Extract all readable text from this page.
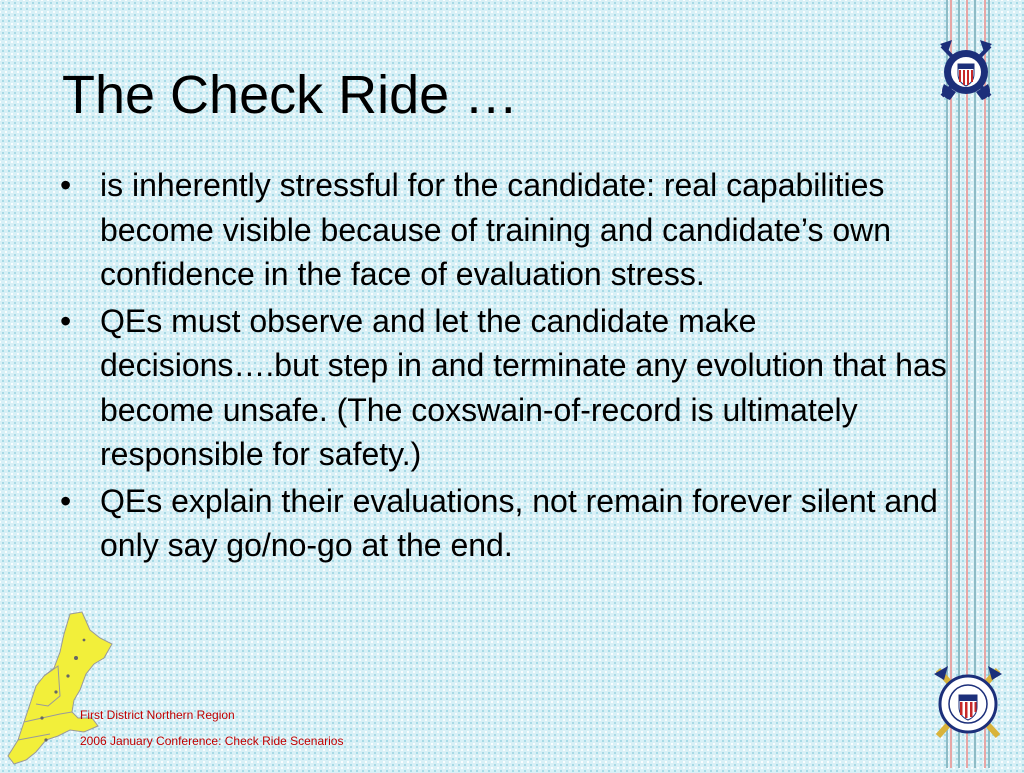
The Check Ride …
• is inherently stressful for the candidate: real capabilities become visible because of training and candidate’s own confidence in the face of evaluation stress.
• QEs must observe and let the candidate make decisions….but step in and terminate any evolution that has become unsafe. (The coxswain-of-record is ultimately responsible for safety.)
• QEs explain their evaluations, not remain forever silent and only say go/no-go at the end.
First District Northern Region
2006 January Conference: Check Ride Scenarios
